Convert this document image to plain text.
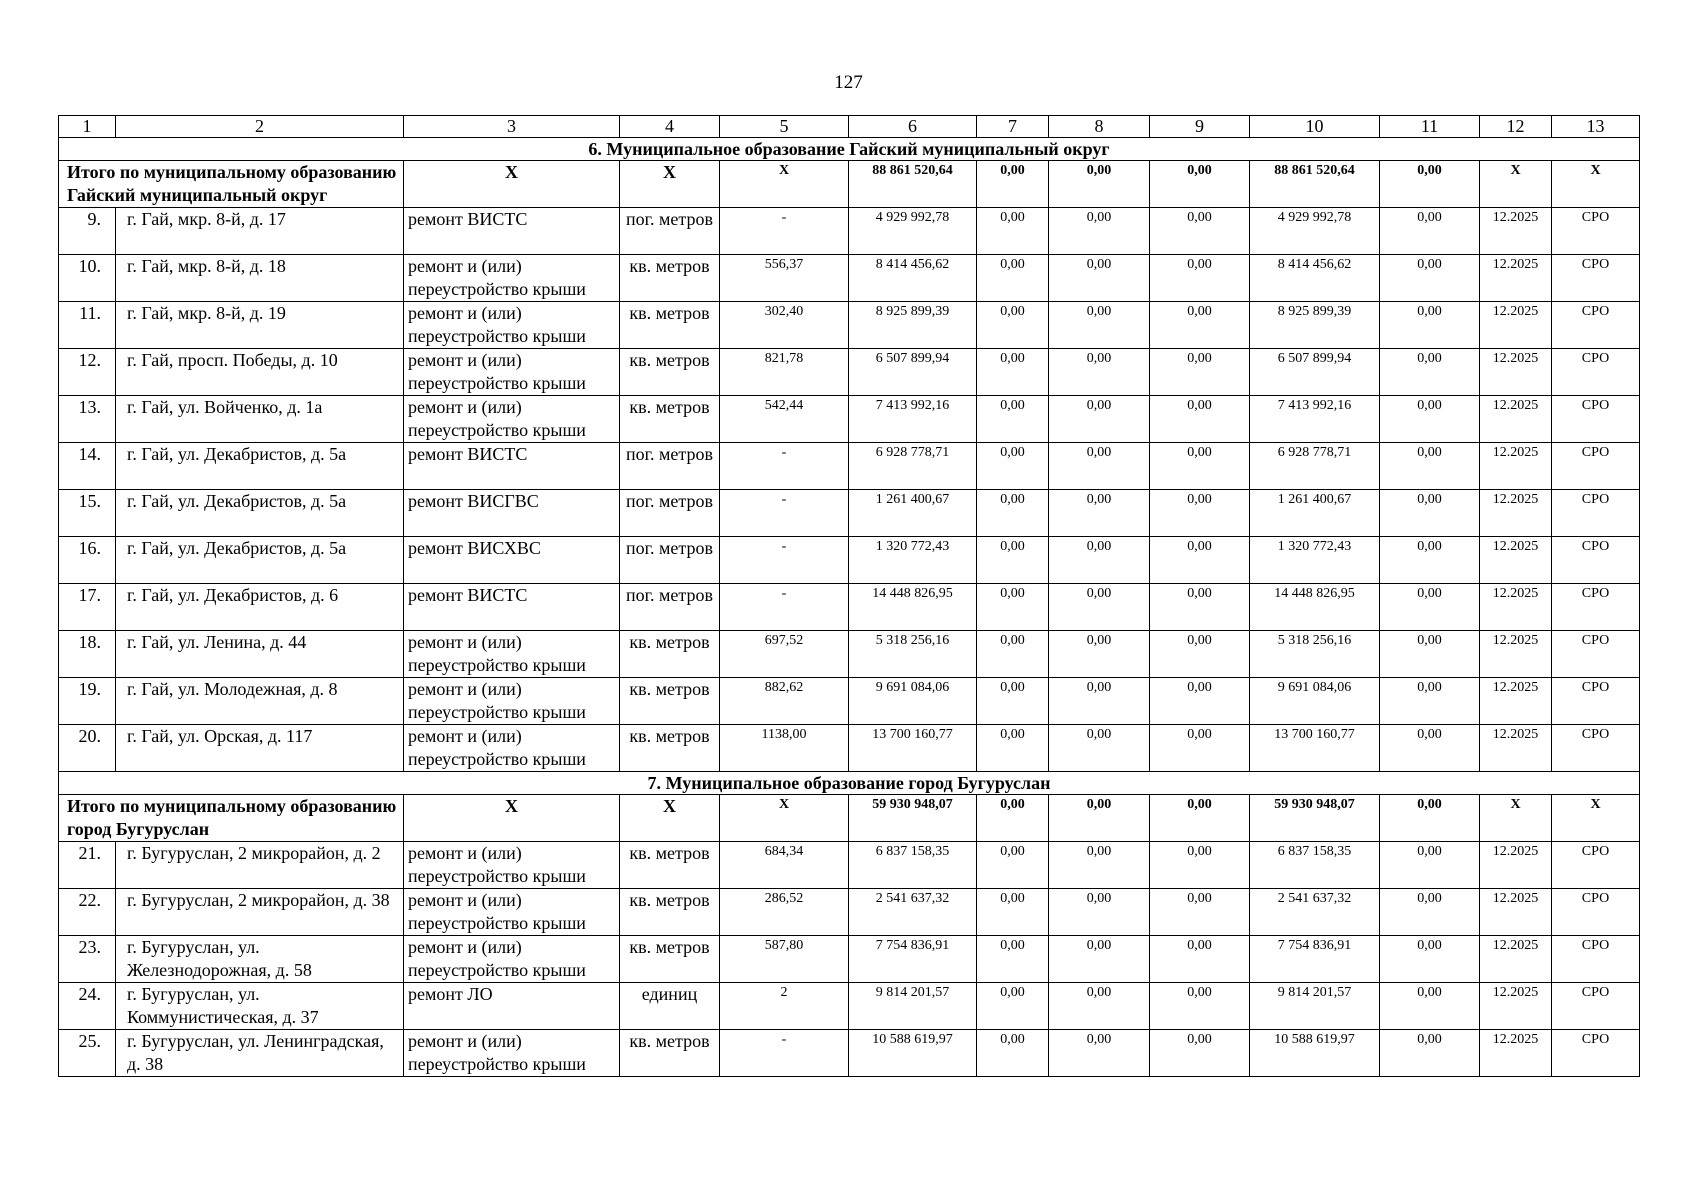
127
1	2	3	4	5	6	7	8	9	10	11	12	13
6. Муниципальное образование Гайский муниципальный округ												
Итого по муниципальному образованию Гайский муниципальный округ		X	X	X	88 861 520,64	0,00	0,00	0,00	88 861 520,64	0,00	X	X
9.	г. Гай, мкр. 8-й, д. 17	ремонт ВИСТС	пог. метров	-	4 929 992,78	0,00	0,00	0,00	4 929 992,78	0,00	12.2025	СРО
10.	г. Гай, мкр. 8-й, д. 18	ремонт и (или) переустройство крыши	кв. метров	556,37	8 414 456,62	0,00	0,00	0,00	8 414 456,62	0,00	12.2025	СРО
11.	г. Гай, мкр. 8-й, д. 19	ремонт и (или) переустройство крыши	кв. метров	302,40	8 925 899,39	0,00	0,00	0,00	8 925 899,39	0,00	12.2025	СРО
12.	г. Гай, просп. Победы, д. 10	ремонт и (или) переустройство крыши	кв. метров	821,78	6 507 899,94	0,00	0,00	0,00	6 507 899,94	0,00	12.2025	СРО
13.	г. Гай, ул. Войченко, д. 1а	ремонт и (или) переустройство крыши	кв. метров	542,44	7 413 992,16	0,00	0,00	0,00	7 413 992,16	0,00	12.2025	СРО
14.	г. Гай, ул. Декабристов, д. 5а	ремонт ВИСТС	пог. метров	-	6 928 778,71	0,00	0,00	0,00	6 928 778,71	0,00	12.2025	СРО
15.	г. Гай, ул. Декабристов, д. 5а	ремонт ВИСГВС	пог. метров	-	1 261 400,67	0,00	0,00	0,00	1 261 400,67	0,00	12.2025	СРО
16.	г. Гай, ул. Декабристов, д. 5а	ремонт ВИСХВС	пог. метров	-	1 320 772,43	0,00	0,00	0,00	1 320 772,43	0,00	12.2025	СРО
17.	г. Гай, ул. Декабристов, д. 6	ремонт ВИСТС	пог. метров	-	14 448 826,95	0,00	0,00	0,00	14 448 826,95	0,00	12.2025	СРО
18.	г. Гай, ул. Ленина, д. 44	ремонт и (или) переустройство крыши	кв. метров	697,52	5 318 256,16	0,00	0,00	0,00	5 318 256,16	0,00	12.2025	СРО
19.	г. Гай, ул. Молодежная, д. 8	ремонт и (или) переустройство крыши	кв. метров	882,62	9 691 084,06	0,00	0,00	0,00	9 691 084,06	0,00	12.2025	СРО
20.	г. Гай, ул. Орская, д. 117	ремонт и (или) переустройство крыши	кв. метров	1138,00	13 700 160,77	0,00	0,00	0,00	13 700 160,77	0,00	12.2025	СРО
7. Муниципальное образование город Бугуруслан												
Итого по муниципальному образованию город Бугуруслан		X	X	X	59 930 948,07	0,00	0,00	0,00	59 930 948,07	0,00	X	X
21.	г. Бугуруслан, 2 микрорайон, д. 2	ремонт и (или) переустройство крыши	кв. метров	684,34	6 837 158,35	0,00	0,00	0,00	6 837 158,35	0,00	12.2025	СРО
22.	г. Бугуруслан, 2 микрорайон, д. 38	ремонт и (или) переустройство крыши	кв. метров	286,52	2 541 637,32	0,00	0,00	0,00	2 541 637,32	0,00	12.2025	СРО
23.	г. Бугуруслан, ул. Железнодорожная, д. 58	ремонт и (или) переустройство крыши	кв. метров	587,80	7 754 836,91	0,00	0,00	0,00	7 754 836,91	0,00	12.2025	СРО
24.	г. Бугуруслан, ул. Коммунистическая, д. 37	ремонт ЛО	единиц	2	9 814 201,57	0,00	0,00	0,00	9 814 201,57	0,00	12.2025	СРО
25.	г. Бугуруслан, ул. Ленинградская, д. 38	ремонт и (или) переустройство крыши	кв. метров	-	10 588 619,97	0,00	0,00	0,00	10 588 619,97	0,00	12.2025	СРО
